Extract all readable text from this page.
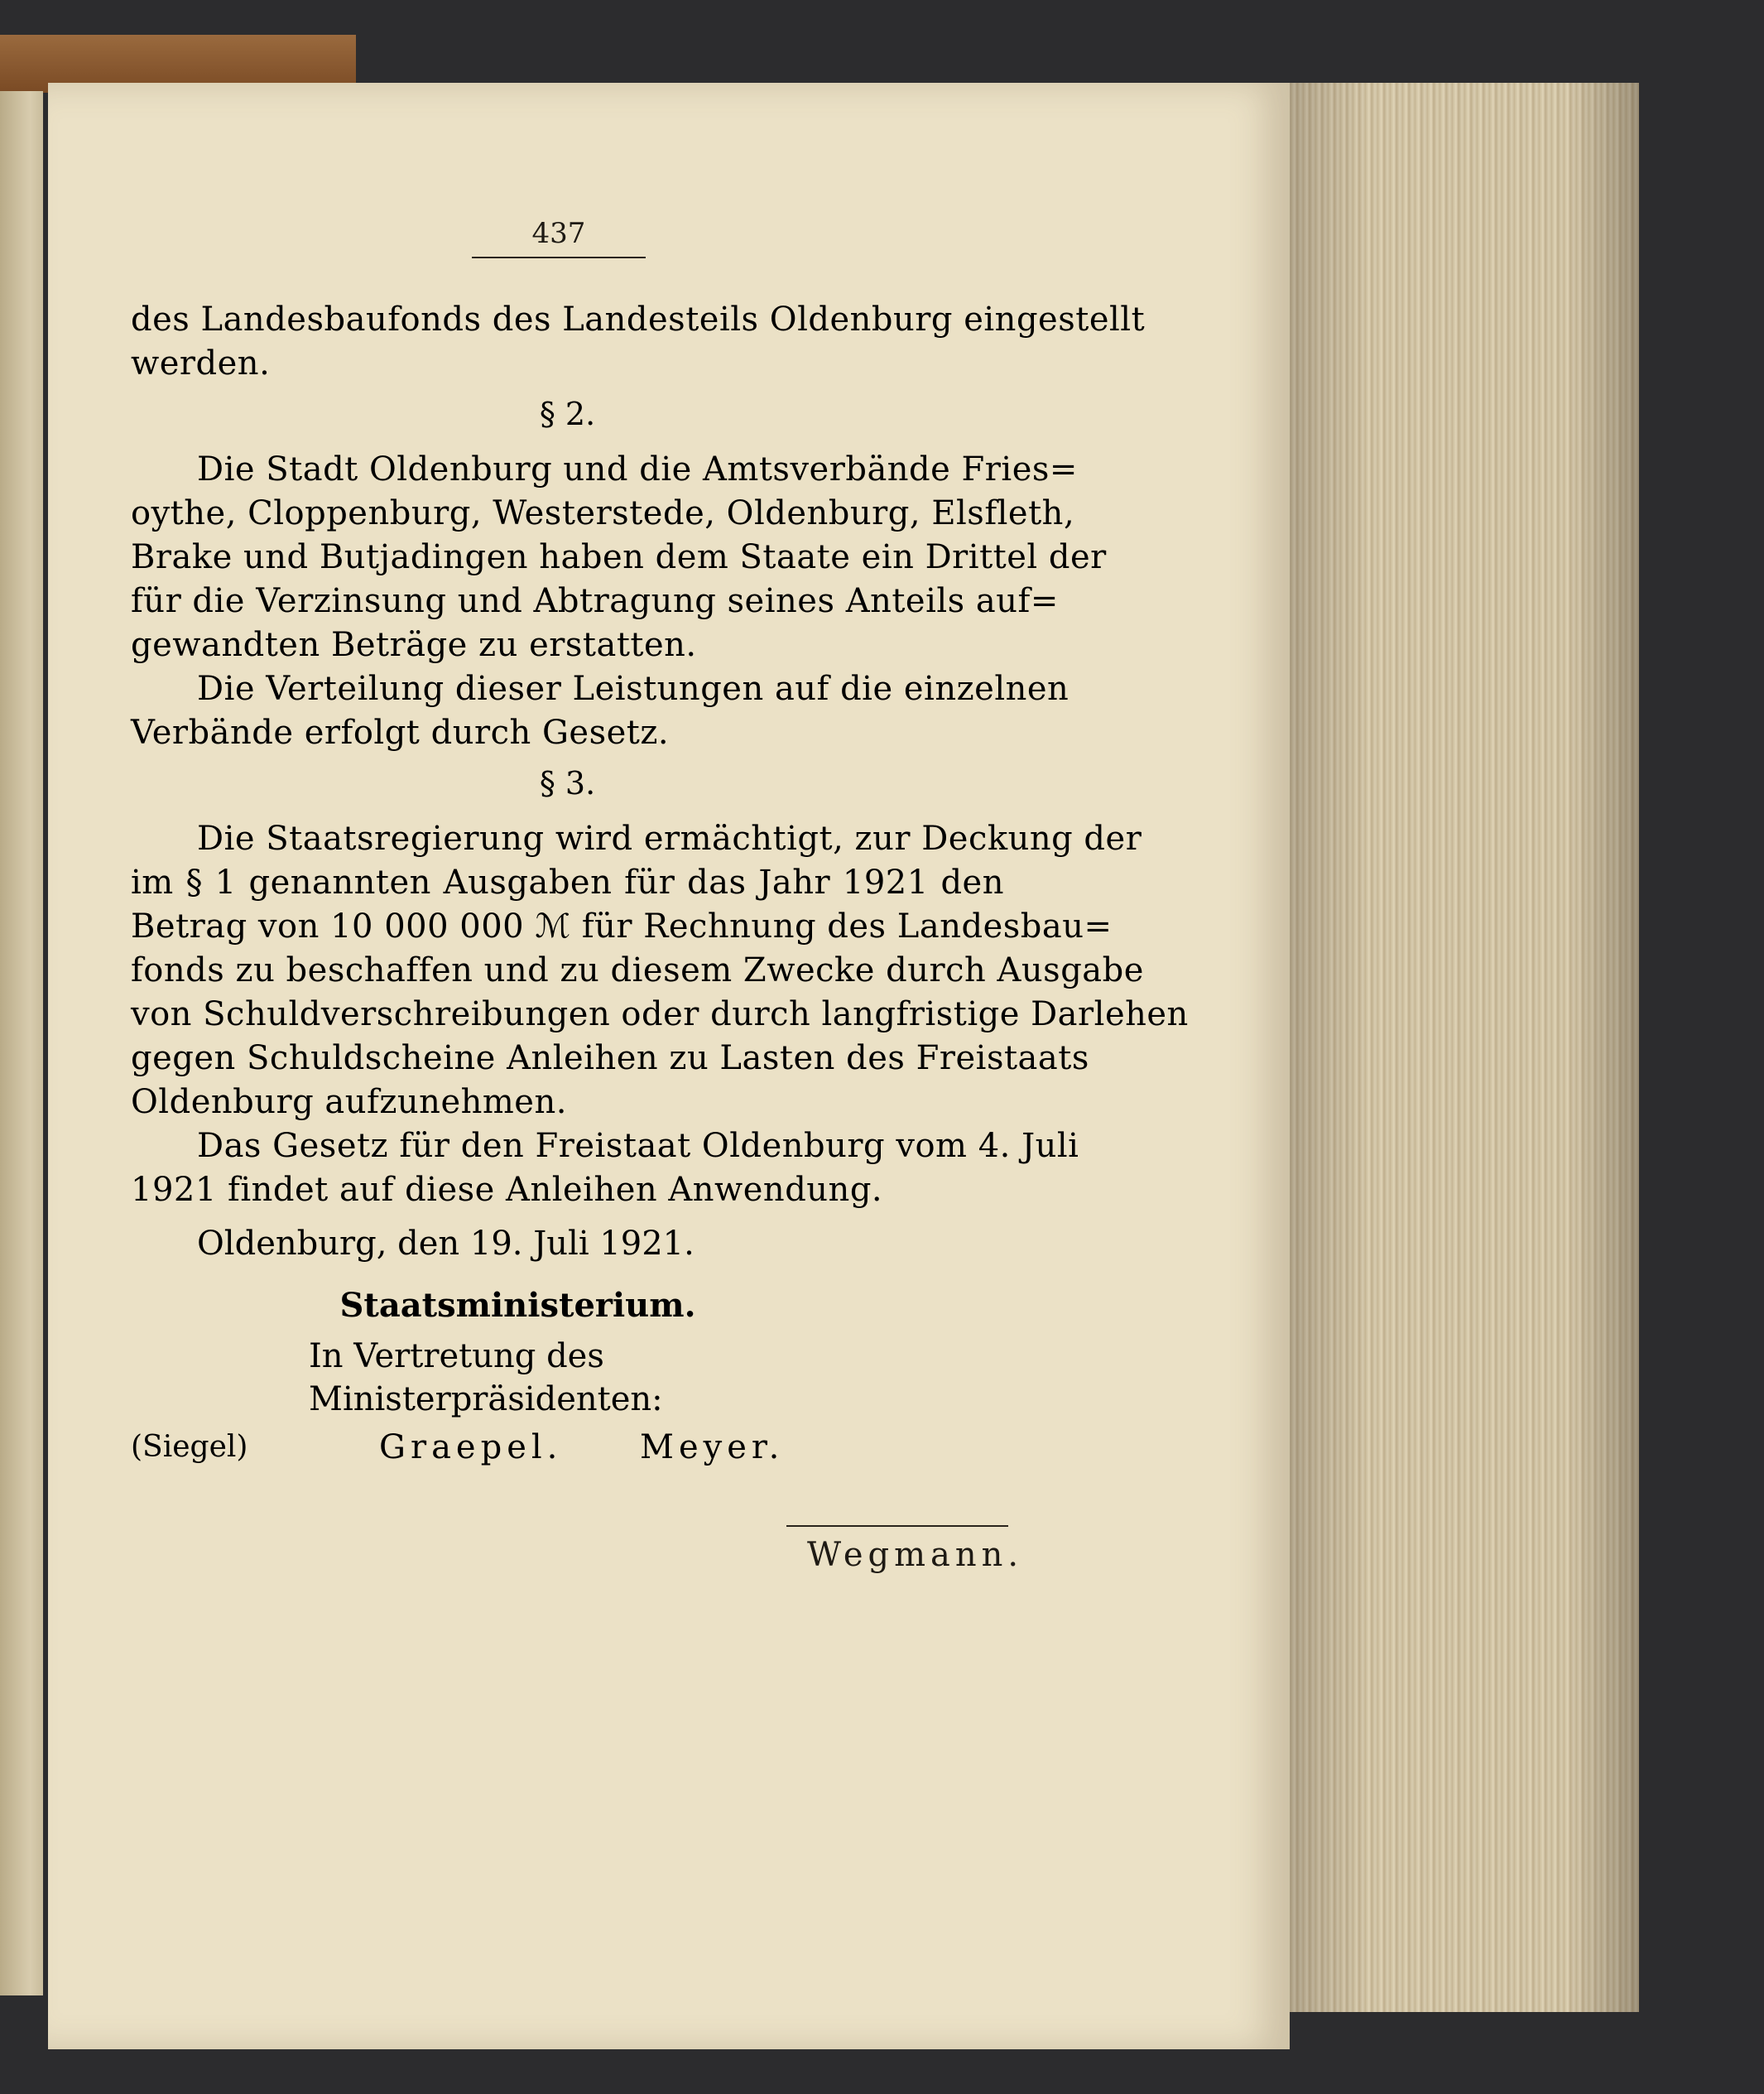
437
des Landesbaufonds des Landesteils Oldenburg eingestellt
werden.
§ 2.
Die Stadt Oldenburg und die Amtsverbände Fries=
oythe, Cloppenburg, Westerstede, Oldenburg, Elsfleth,
Brake und Butjadingen haben dem Staate ein Drittel der
für die Verzinsung und Abtragung seines Anteils auf=
gewandten Beträge zu erstatten.
Die Verteilung dieser Leistungen auf die einzelnen
Verbände erfolgt durch Gesetz.
§ 3.
Die Staatsregierung wird ermächtigt, zur Deckung der
im § 1 genannten Ausgaben für das Jahr 1921 den
Betrag von 10 000 000 ℳ für Rechnung des Landesbau=
fonds zu beschaffen und zu diesem Zwecke durch Ausgabe
von Schuldverschreibungen oder durch langfristige Darlehen
gegen Schuldscheine Anleihen zu Lasten des Freistaats
Oldenburg aufzunehmen.
Das Gesetz für den Freistaat Oldenburg vom 4. Juli
1921 findet auf diese Anleihen Anwendung.
Oldenburg, den 19. Juli 1921.
Staatsministerium.
In Vertretung des
Ministerpräsidenten:
(Siegel)	Graepel. Meyer.
Wegmann.
